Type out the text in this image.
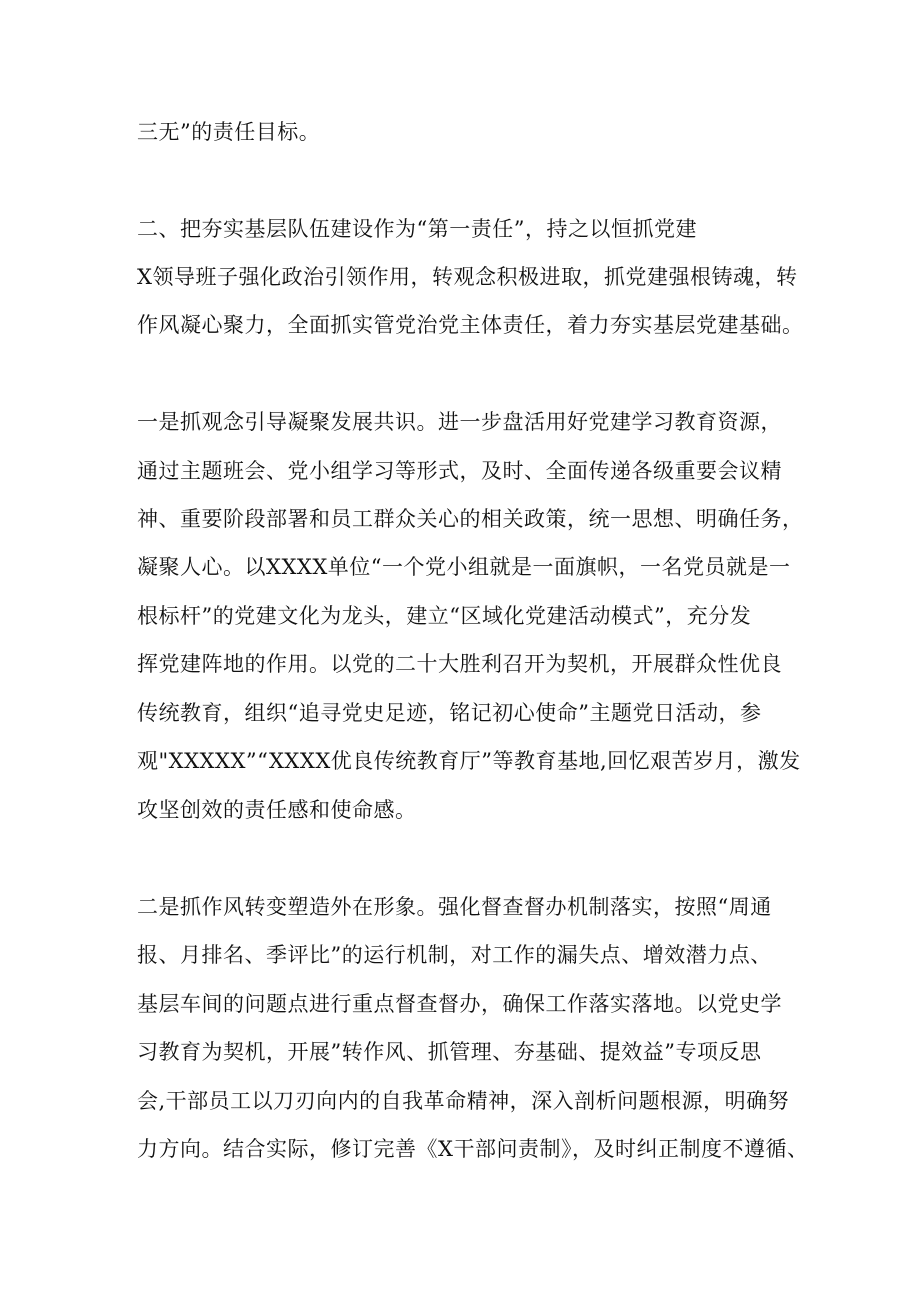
三无”的责任目标。
二、把夯实基层队伍建设作为“第一责任”，持之以恒抓党建
X领导班子强化政治引领作用，转观念积极进取，抓党建强根铸魂，转
作风凝心聚力，全面抓实管党治党主体责任，着力夯实基层党建基础。
一是抓观念引导凝聚发展共识。进一步盘活用好党建学习教育资源，
通过主题班会、党小组学习等形式，及时、全面传递各级重要会议精
神、重要阶段部署和员工群众关心的相关政策，统一思想、明确任务，
凝聚人心。以XXXX单位“一个党小组就是一面旗帜，一名党员就是一
根标杆”的党建文化为龙头，建立“区域化党建活动模式”，充分发
挥党建阵地的作用。以党的二十大胜利召开为契机，开展群众性优良
传统教育，组织“追寻党史足迹，铭记初心使命”主题党日活动，参
观"XXXXX”“XXXX优良传统教育厅”等教育基地,回忆艰苦岁月，激发
攻坚创效的责任感和使命感。
二是抓作风转变塑造外在形象。强化督查督办机制落实，按照“周通
报、月排名、季评比”的运行机制，对工作的漏失点、增效潜力点、
基层车间的问题点进行重点督查督办，确保工作落实落地。以党史学
习教育为契机，开展”转作风、抓管理、夯基础、提效益”专项反思
会,干部员工以刀刃向内的自我革命精神，深入剖析问题根源，明确努
力方向。结合实际，修订完善《X干部问责制》，及时纠正制度不遵循、
